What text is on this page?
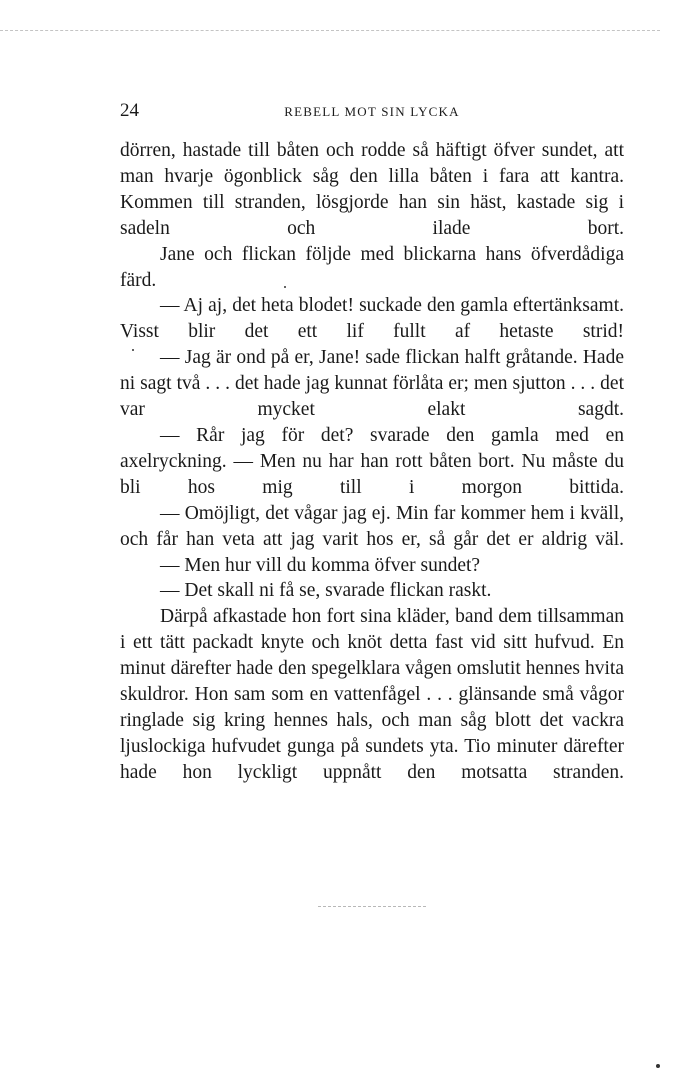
24	REBELL MOT SIN LYCKA

dörren, hastade till båten och rodde så häftigt öfver sundet, att man hvarje ögonblick såg den lilla båten i fara att kantra. Kommen till stranden, lösgjorde han sin häst, kastade sig i sadeln och ilade bort.

Jane och flickan följde med blickarna hans öfverdådiga färd.

— Aj aj, det heta blodet! suckade den gamla eftertänksamt. Visst blir det ett lif fullt af hetaste strid!

— Jag är ond på er, Jane! sade flickan halft gråtande. Hade ni sagt två . . . det hade jag kunnat förlåta er; men sjutton . . . det var mycket elakt sagdt.

— Rår jag för det? svarade den gamla med en axelryckning. — Men nu har han rott båten bort. Nu måste du bli hos mig till i morgon bittida.

— Omöjligt, det vågar jag ej. Min far kommer hem i kväll, och får han veta att jag varit hos er, så går det er aldrig väl.

— Men hur vill du komma öfver sundet?

— Det skall ni få se, svarade flickan raskt.

Därpå afkastade hon fort sina kläder, band dem tillsamman i ett tätt packadt knyte och knöt detta fast vid sitt hufvud. En minut därefter hade den spegelklara vågen omslutit hennes hvita skuldror. Hon sam som en vattenfågel . . . glänsande små vågor ringlade sig kring hennes hals, och man såg blott det vackra ljuslockiga hufvudet gunga på sundets yta. Tio minuter därefter hade hon lyckligt uppnått den motsatta stranden.
